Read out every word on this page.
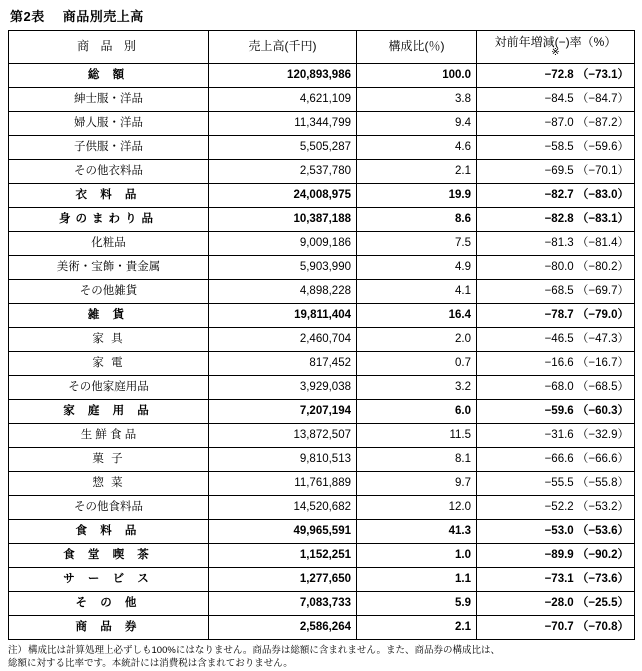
第2表 商品別売上高
商 品 別	売上高(千円)	構成比(％)	対前年増減(−)率（%）
※

総 額	120,893,986	100.0	−72.8 （−73.1）
紳士服・洋品	4,621,109	3.8	−84.5 （−84.7）
婦人服・洋品	11,344,799	9.4	−87.0 （−87.2）
子供服・洋品	5,505,287	4.6	−58.5 （−59.6）
その他衣料品	2,537,780	2.1	−69.5 （−70.1）
衣 料 品	24,008,975	19.9	−82.7 （−83.0）
身のまわり品	10,387,188	8.6	−82.8 （−83.1）
化粧品	9,009,186	7.5	−81.3 （−81.4）
美術・宝飾・貴金属	5,903,990	4.9	−80.0 （−80.2）
その他雑貨	4,898,228	4.1	−68.5 （−69.7）
雑 貨	19,811,404	16.4	−78.7 （−79.0）
家 具	2,460,704	2.0	−46.5 （−47.3）
家 電	817,452	0.7	−16.6 （−16.7）
その他家庭用品	3,929,038	3.2	−68.0 （−68.5）
家 庭 用 品	7,207,194	6.0	−59.6 （−60.3）
生 鮮 食 品	13,872,507	11.5	−31.6 （−32.9）
菓 子	9,810,513	8.1	−66.6 （−66.6）
惣 菜	11,761,889	9.7	−55.5 （−55.8）
その他食料品	14,520,682	12.0	−52.2 （−53.2）
食 料 品	49,965,591	41.3	−53.0 （−53.6）
食 堂 喫 茶	1,152,251	1.0	−89.9 （−90.2）
サ ー ビ ス	1,277,650	1.1	−73.1 （−73.6）
そ の 他	7,083,733	5.9	−28.0 （−25.5）
商 品 券	2,586,264	2.1	−70.7 （−70.8）
注）構成比は計算処理上必ずしも100%にはなりません。商品券は総額に含まれません。また、商品券の構成比は、
総額に対する比率です。本統計には消費税は含まれておりません。
